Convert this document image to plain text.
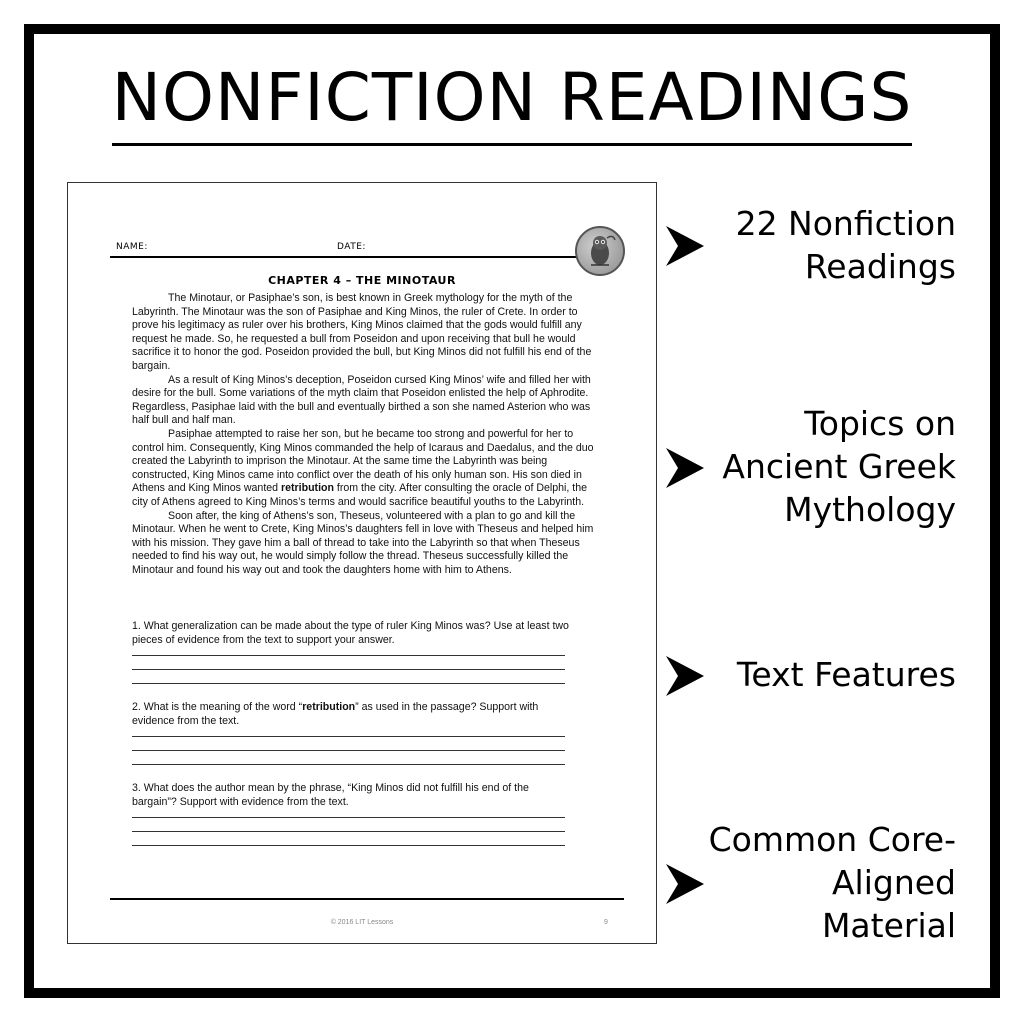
NONFICTION READINGS
NAME:	DATE:
CHAPTER 4 – THE MINOTAUR

The Minotaur, or Pasiphae’s son, is best known in Greek mythology for the myth of the Labyrinth. The Minotaur was the son of Pasiphae and King Minos, the ruler of Crete. In order to prove his legitimacy as ruler over his brothers, King Minos claimed that the gods would fulfill any request he made. So, he requested a bull from Poseidon and upon receiving that bull he would sacrifice it to honor the god. Poseidon provided the bull, but King Minos did not fulfill his end of the bargain.

As a result of King Minos’s deception, Poseidon cursed King Minos’ wife and filled her with desire for the bull. Some variations of the myth claim that Poseidon enlisted the help of Aphrodite. Regardless, Pasiphae laid with the bull and eventually birthed a son she named Asterion who was half bull and half man.

Pasiphae attempted to raise her son, but he became too strong and powerful for her to control him. Consequently, King Minos commanded the help of Icaraus and Daedalus, and the duo created the Labyrinth to imprison the Minotaur. At the same time the Labyrinth was being constructed, King Minos came into conflict over the death of his only human son. His son died in Athens and King Minos wanted retribution from the city. After consulting the oracle of Delphi, the city of Athens agreed to King Minos’s terms and would sacrifice beautiful youths to the Labyrinth.

Soon after, the king of Athens’s son, Theseus, volunteered with a plan to go and kill the Minotaur. When he went to Crete, King Minos’s daughters fell in love with Theseus and helped him with his mission. They gave him a ball of thread to take into the Labyrinth so that when Theseus needed to find his way out, he would simply follow the thread. Theseus successfully killed the Minotaur and found his way out and took the daughters home with him to Athens.

1. What generalization can be made about the type of ruler King Minos was? Use at least two pieces of evidence from the text to support your answer.
2. What is the meaning of the word “retribution” as used in the passage? Support with evidence from the text.
3. What does the author mean by the phrase, “King Minos did not fulfill his end of the bargain”? Support with evidence from the text.
© 2016 LIT Lessons	9
22 Nonfiction
Readings
Topics on
Ancient Greek
Mythology
Text Features
Common Core-
Aligned
Material
